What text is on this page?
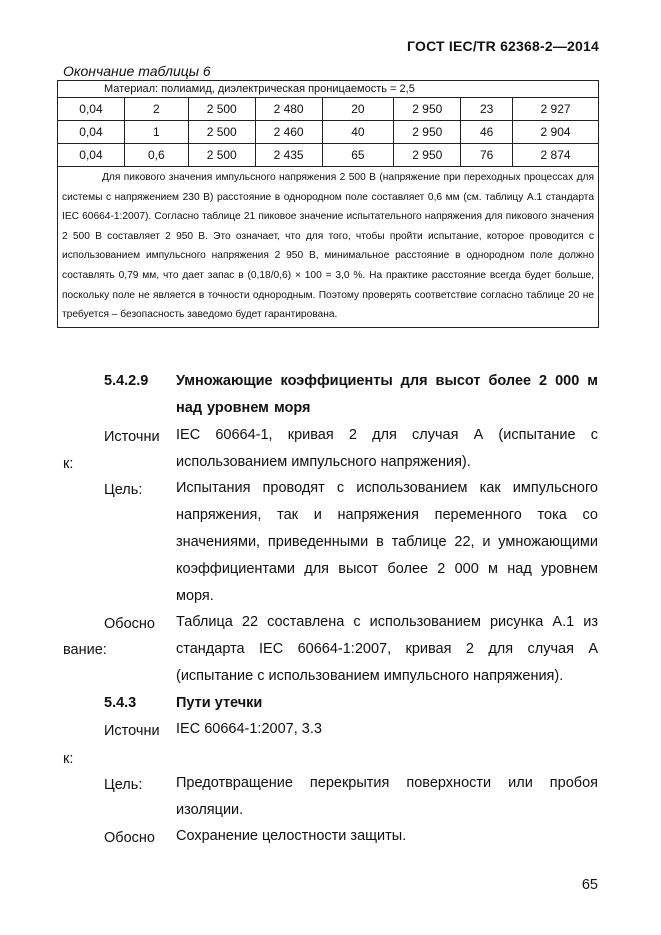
ГОСТ IEC/TR 62368-2—2014
Окончание таблицы 6
Материал: полиамид, диэлектрическая проницаемость = 2,5							
0,04	2	2 500	2 480	20	2 950	23	2 927
0,04	1	2 500	2 460	40	2 950	46	2 904
0,04	0,6	2 500	2 435	65	2 950	76	2 874
Для пикового значения импульсного напряжения 2 500 В (напряжение при переходных процессах для системы с напряжением 230 В) расстояние в однородном поле составляет 0,6 мм (см. таблицу А.1 стандарта IEC 60664-1:2007). Согласно таблице 21 пиковое значение испытательного напряжения для пикового значения 2 500 В составляет 2 950 В. Это означает, что для того, чтобы пройти испытание, которое проводится с использованием импульсного напряжения 2 950 В, минимальное расстояние в однородном поле должно составлять 0,79 мм, что дает запас в (0,18/0,6) × 100 = 3,0 %. На практике расстояние всегда будет больше, поскольку поле не является в точности однородным. Поэтому проверять соответствие согласно таблице 20 не требуется – безопасность заведомо будет гарантирована.							
5.4.2.9 Умножающие коэффициенты для высот более 2 000 м над уровнем моря
Источни
к:
IEC 60664-1, кривая 2 для случая А (испытание с использованием импульсного напряжения).
Цель: Испытания проводят с использованием как импульсного напряжения, так и напряжения переменного тока со значениями, приведенными в таблице 22, и умножающими коэффициентами для высот более 2 000 м над уровнем моря.
Обосно
вание:
Таблица 22 составлена с использованием рисунка А.1 из стандарта IEC 60664-1:2007, кривая 2 для случая А (испытание с использованием импульсного напряжения).
5.4.3	Пути утечки
Источни
к:
IEC 60664-1:2007, 3.3
Цель: Предотвращение перекрытия поверхности или пробоя изоляции.
Обосно Сохранение целостности защиты.
65
